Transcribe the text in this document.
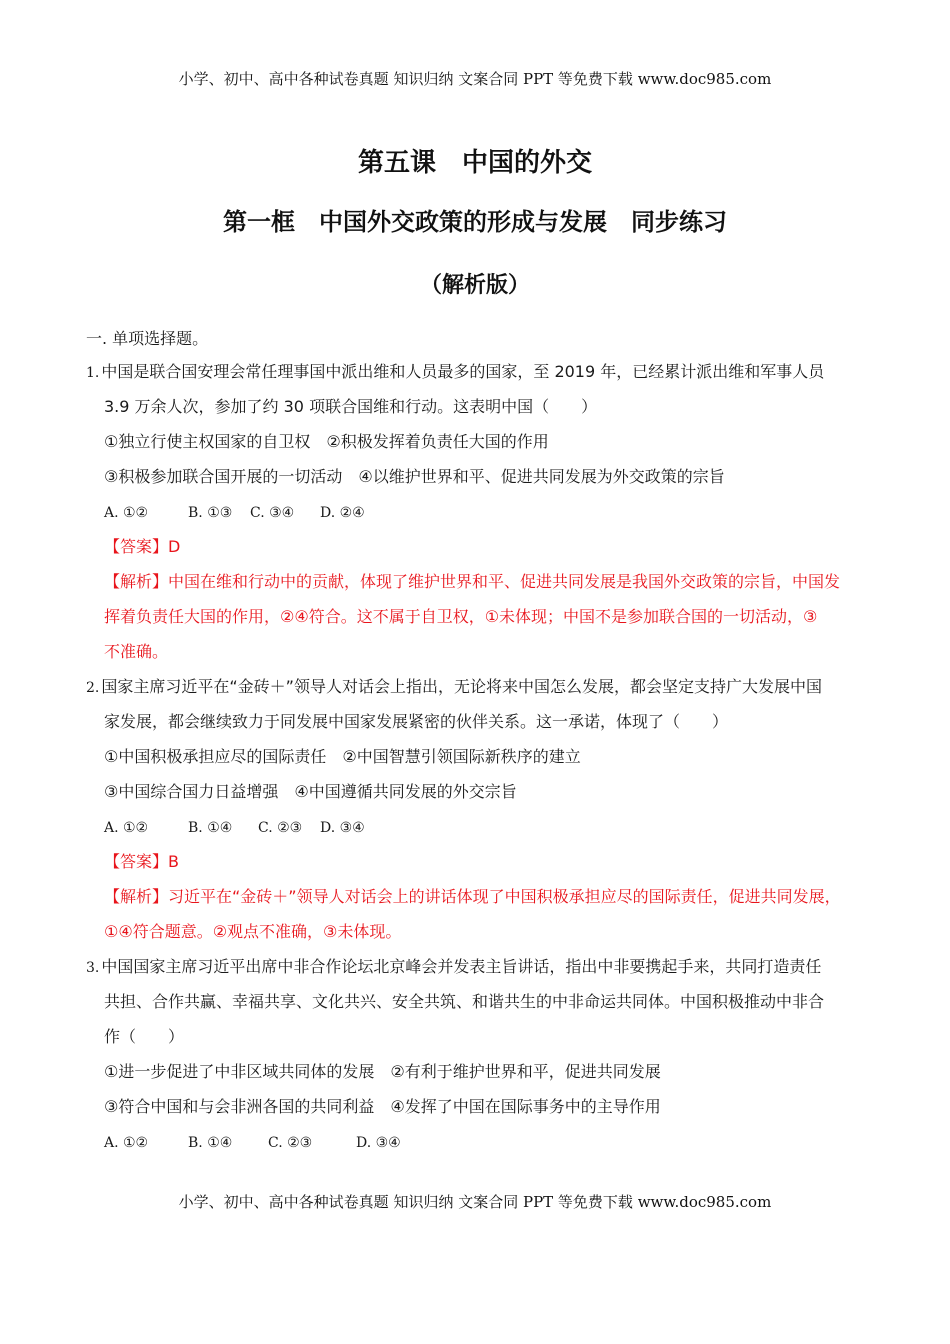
小学、初中、高中各种试卷真题 知识归纳 文案合同 PPT 等免费下载 www.doc985.com
第五课　中国的外交
第一框　中国外交政策的形成与发展　同步练习
（解析版）
一. 单项选择题。
1. 中国是联合国安理会常任理事国中派出维和人员最多的国家，至 2019 年，已经累计派出维和军事人员
3.9 万余人次，参加了约 30 项联合国维和行动。这表明中国（　　）
①独立行使主权国家的自卫权　②积极发挥着负责任大国的作用
③积极参加联合国开展的一切活动　④以维护世界和平、促进共同发展为外交政策的宗旨
A. ①②	B. ①③ C. ③④ D. ②④
【答案】D
【解析】中国在维和行动中的贡献，体现了维护世界和平、促进共同发展是我国外交政策的宗旨，中国发
挥着负责任大国的作用，②④符合。这不属于自卫权，①未体现；中国不是参加联合国的一切活动，③
不准确。
2. 国家主席习近平在“金砖＋”领导人对话会上指出，无论将来中国怎么发展，都会坚定支持广大发展中国
家发展，都会继续致力于同发展中国家发展紧密的伙伴关系。这一承诺，体现了（　　）
①中国积极承担应尽的国际责任　②中国智慧引领国际新秩序的建立
③中国综合国力日益增强　④中国遵循共同发展的外交宗旨
A. ①②	B. ①④ C. ②③ D. ③④
【答案】B
【解析】习近平在“金砖＋”领导人对话会上的讲话体现了中国积极承担应尽的国际责任，促进共同发展，
①④符合题意。②观点不准确，③未体现。
3. 中国国家主席习近平出席中非合作论坛北京峰会并发表主旨讲话，指出中非要携起手来，共同打造责任
共担、合作共赢、幸福共享、文化共兴、安全共筑、和谐共生的中非命运共同体。中国积极推动中非合
作（　　）
①进一步促进了中非区域共同体的发展　②有利于维护世界和平，促进共同发展
③符合中国和与会非洲各国的共同利益　④发挥了中国在国际事务中的主导作用
A. ①②	B. ①④	C. ②③	D. ③④
小学、初中、高中各种试卷真题 知识归纳 文案合同 PPT 等免费下载 www.doc985.com
